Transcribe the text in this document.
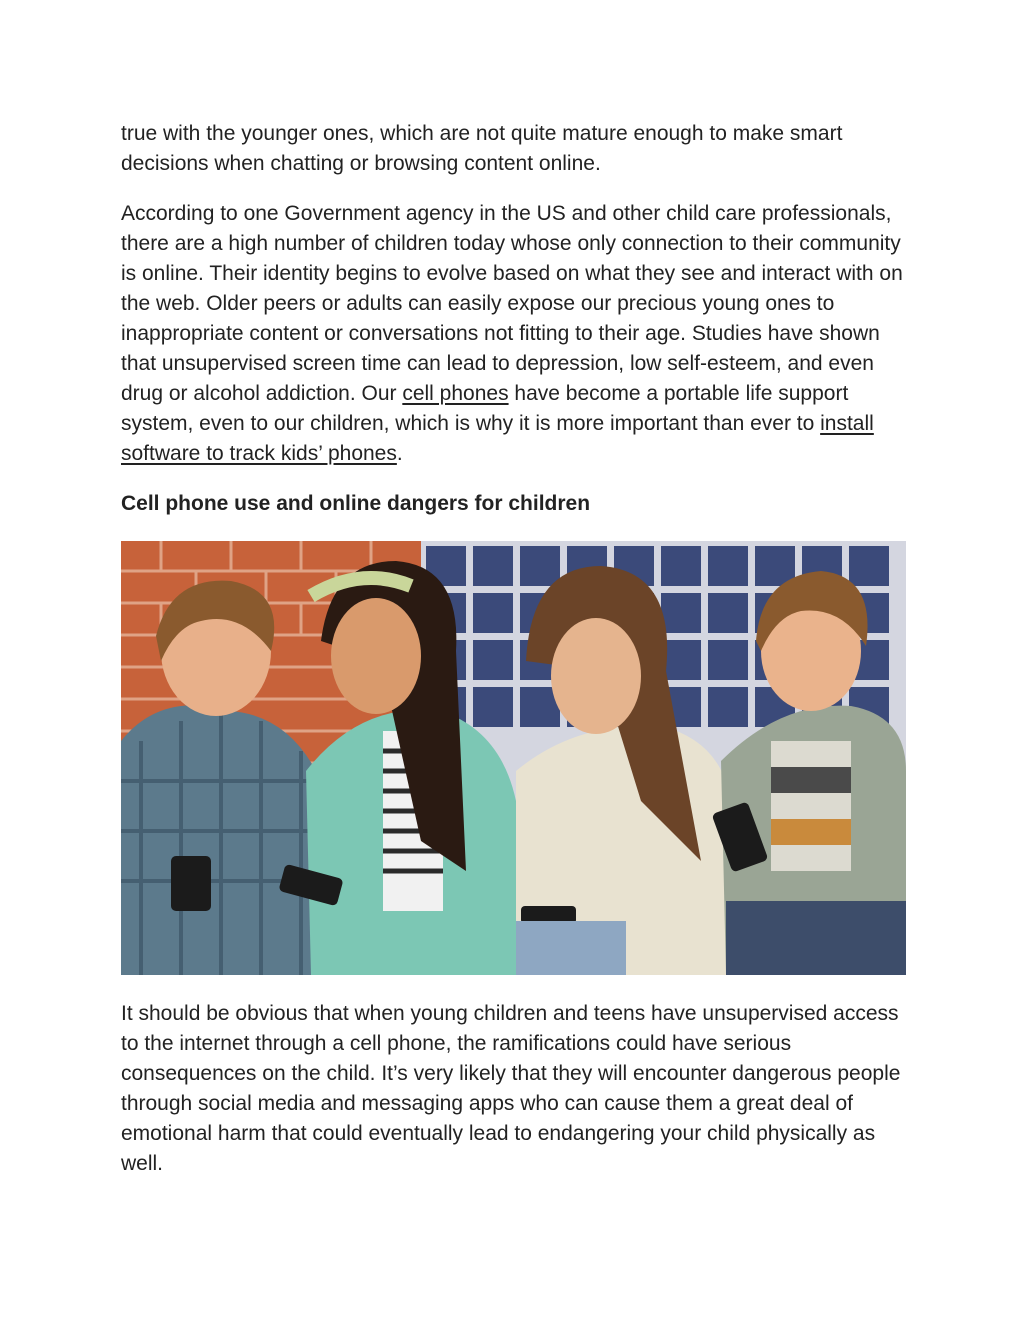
true with the younger ones, which are not quite mature enough to make smart decisions when chatting or browsing content online.

According to one Government agency in the US and other child care professionals, there are a high number of children today whose only connection to their community is online. Their identity begins to evolve based on what they see and interact with on the web. Older peers or adults can easily expose our precious young ones to inappropriate content or conversations not fitting to their age. Studies have shown that unsupervised screen time can lead to depression, low self-esteem, and even drug or alcohol addiction. Our cell phones have become a portable life support system, even to our children, which is why it is more important than ever to install software to track kids’ phones.

Cell phone use and online dangers for children

It should be obvious that when young children and teens have unsupervised access to the internet through a cell phone, the ramifications could have serious consequences on the child. It’s very likely that they will encounter dangerous people through social media and messaging apps who can cause them a great deal of emotional harm that could eventually lead to endangering your child physically as well.
